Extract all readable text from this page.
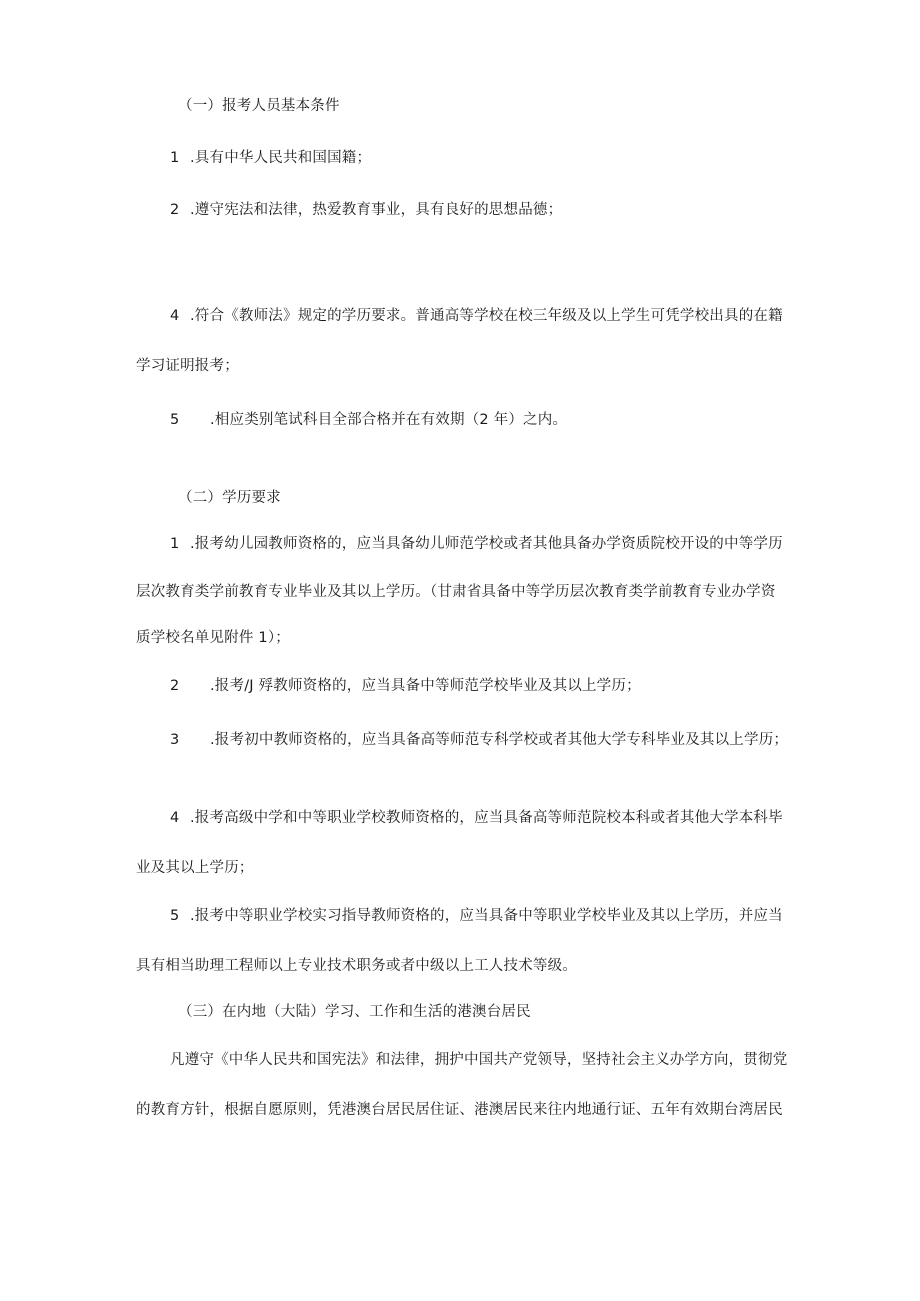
（一）报考人员基本条件
1 .具有中华人民共和国国籍；
2 .遵守宪法和法律，热爱教育事业，具有良好的思想品德；
4 .符合《教师法》规定的学历要求。普通高等学校在校三年级及以上学生可凭学校出具的在籍
学习证明报考；
5 .相应类别笔试科目全部合格并在有效期（2 年）之内。
（二）学历要求
1 .报考幼儿园教师资格的，应当具备幼儿师范学校或者其他具备办学资质院校开设的中等学历
层次教育类学前教育专业毕业及其以上学历。（甘肃省具备中等学历层次教育类学前教育专业办学资
质学校名单见附件 1）；
2 .报考/J 殍教师资格的，应当具备中等师范学校毕业及其以上学历；
3 .报考初中教师资格的，应当具备高等师范专科学校或者其他大学专科毕业及其以上学历；
4 .报考高级中学和中等职业学校教师资格的，应当具备高等师范院校本科或者其他大学本科毕
业及其以上学历；
5 .报考中等职业学校实习指导教师资格的，应当具备中等职业学校毕业及其以上学历，并应当
具有相当助理工程师以上专业技术职务或者中级以上工人技术等级。
（三）在内地（大陆）学习、工作和生活的港澳台居民
凡遵守《中华人民共和国宪法》和法律，拥护中国共产党领导，坚持社会主义办学方向，贯彻党
的教育方针，根据自愿原则，凭港澳台居民居住证、港澳居民来往内地通行证、五年有效期台湾居民
